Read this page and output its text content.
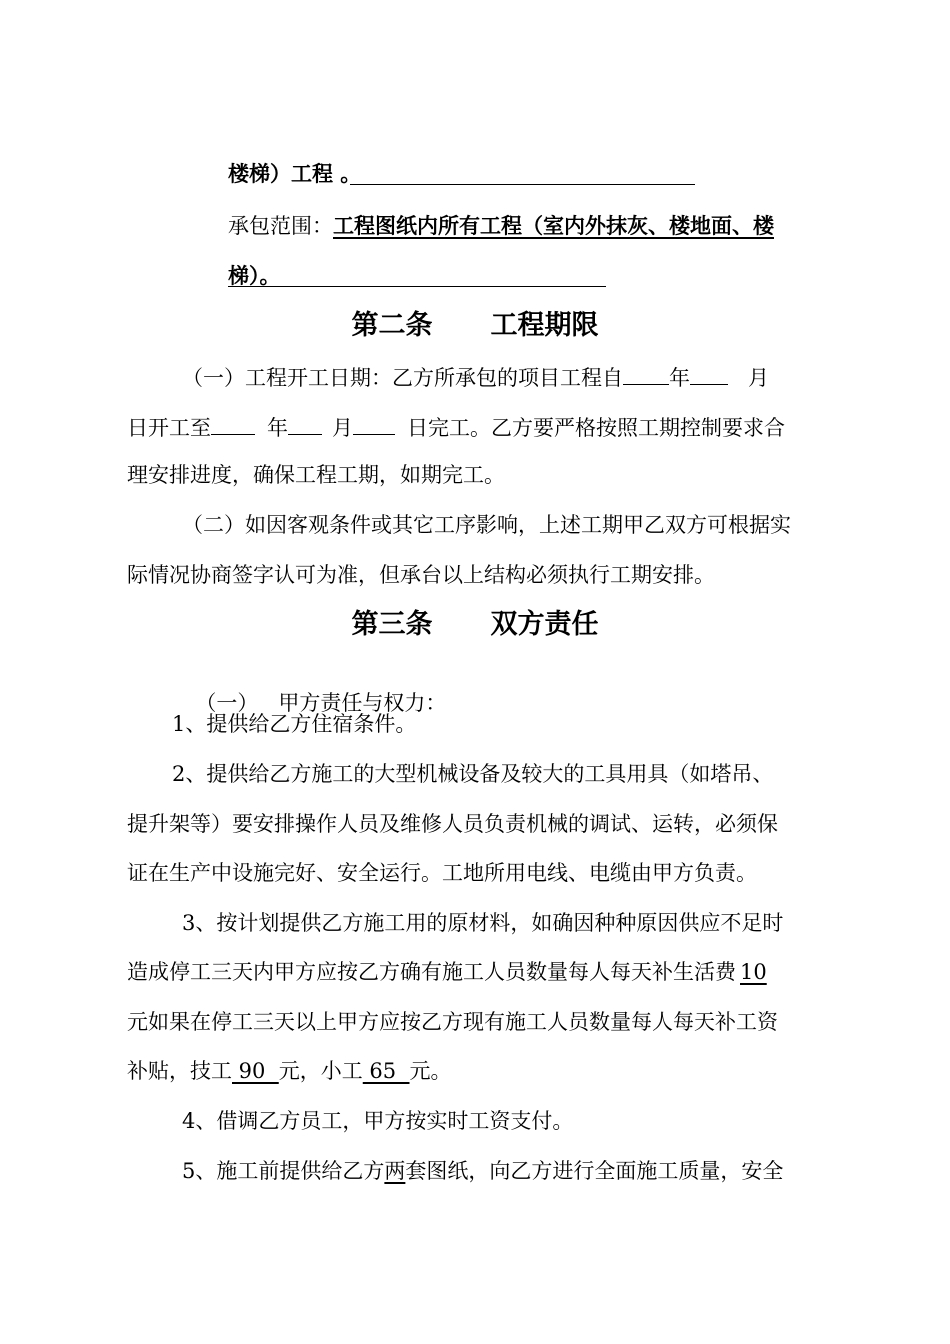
楼梯）工程 。
承包范围：工程图纸内所有工程（室内外抹灰、楼地面、楼
梯）。
第二条 工程期限
（一）工程开工日期：乙方所承包的项目工程自 年	月
日开工至	年 月	日完工。乙方要严格按照工期控制要求合
理安排进度，确保工程工期，如期完工。
（二）如因客观条件或其它工序影响，上述工期甲乙双方可根据实
际情况协商签字认可为准，但承台以上结构必须执行工期安排。
第三条 双方责任

（一）   甲方责任与权力：

1、提供给乙方住宿条件。
2、提供给乙方施工的大型机械设备及较大的工具用具（如塔吊、
提升架等）要安排操作人员及维修人员负责机械的调试、运转，必须保
证在生产中设施完好、安全运行。工地所用电线、电缆由甲方负责。
3、按计划提供乙方施工用的原材料，如确因种种原因供应不足时
造成停工三天内甲方应按乙方确有施工人员数量每人每天补生活费 10
元如果在停工三天以上甲方应按乙方现有施工人员数量每人每天补工资
补贴，技工 90  元，小工 65  元。
4、借调乙方员工，甲方按实时工资支付。
5、施工前提供给乙方两套图纸，向乙方进行全面施工质量，安全
